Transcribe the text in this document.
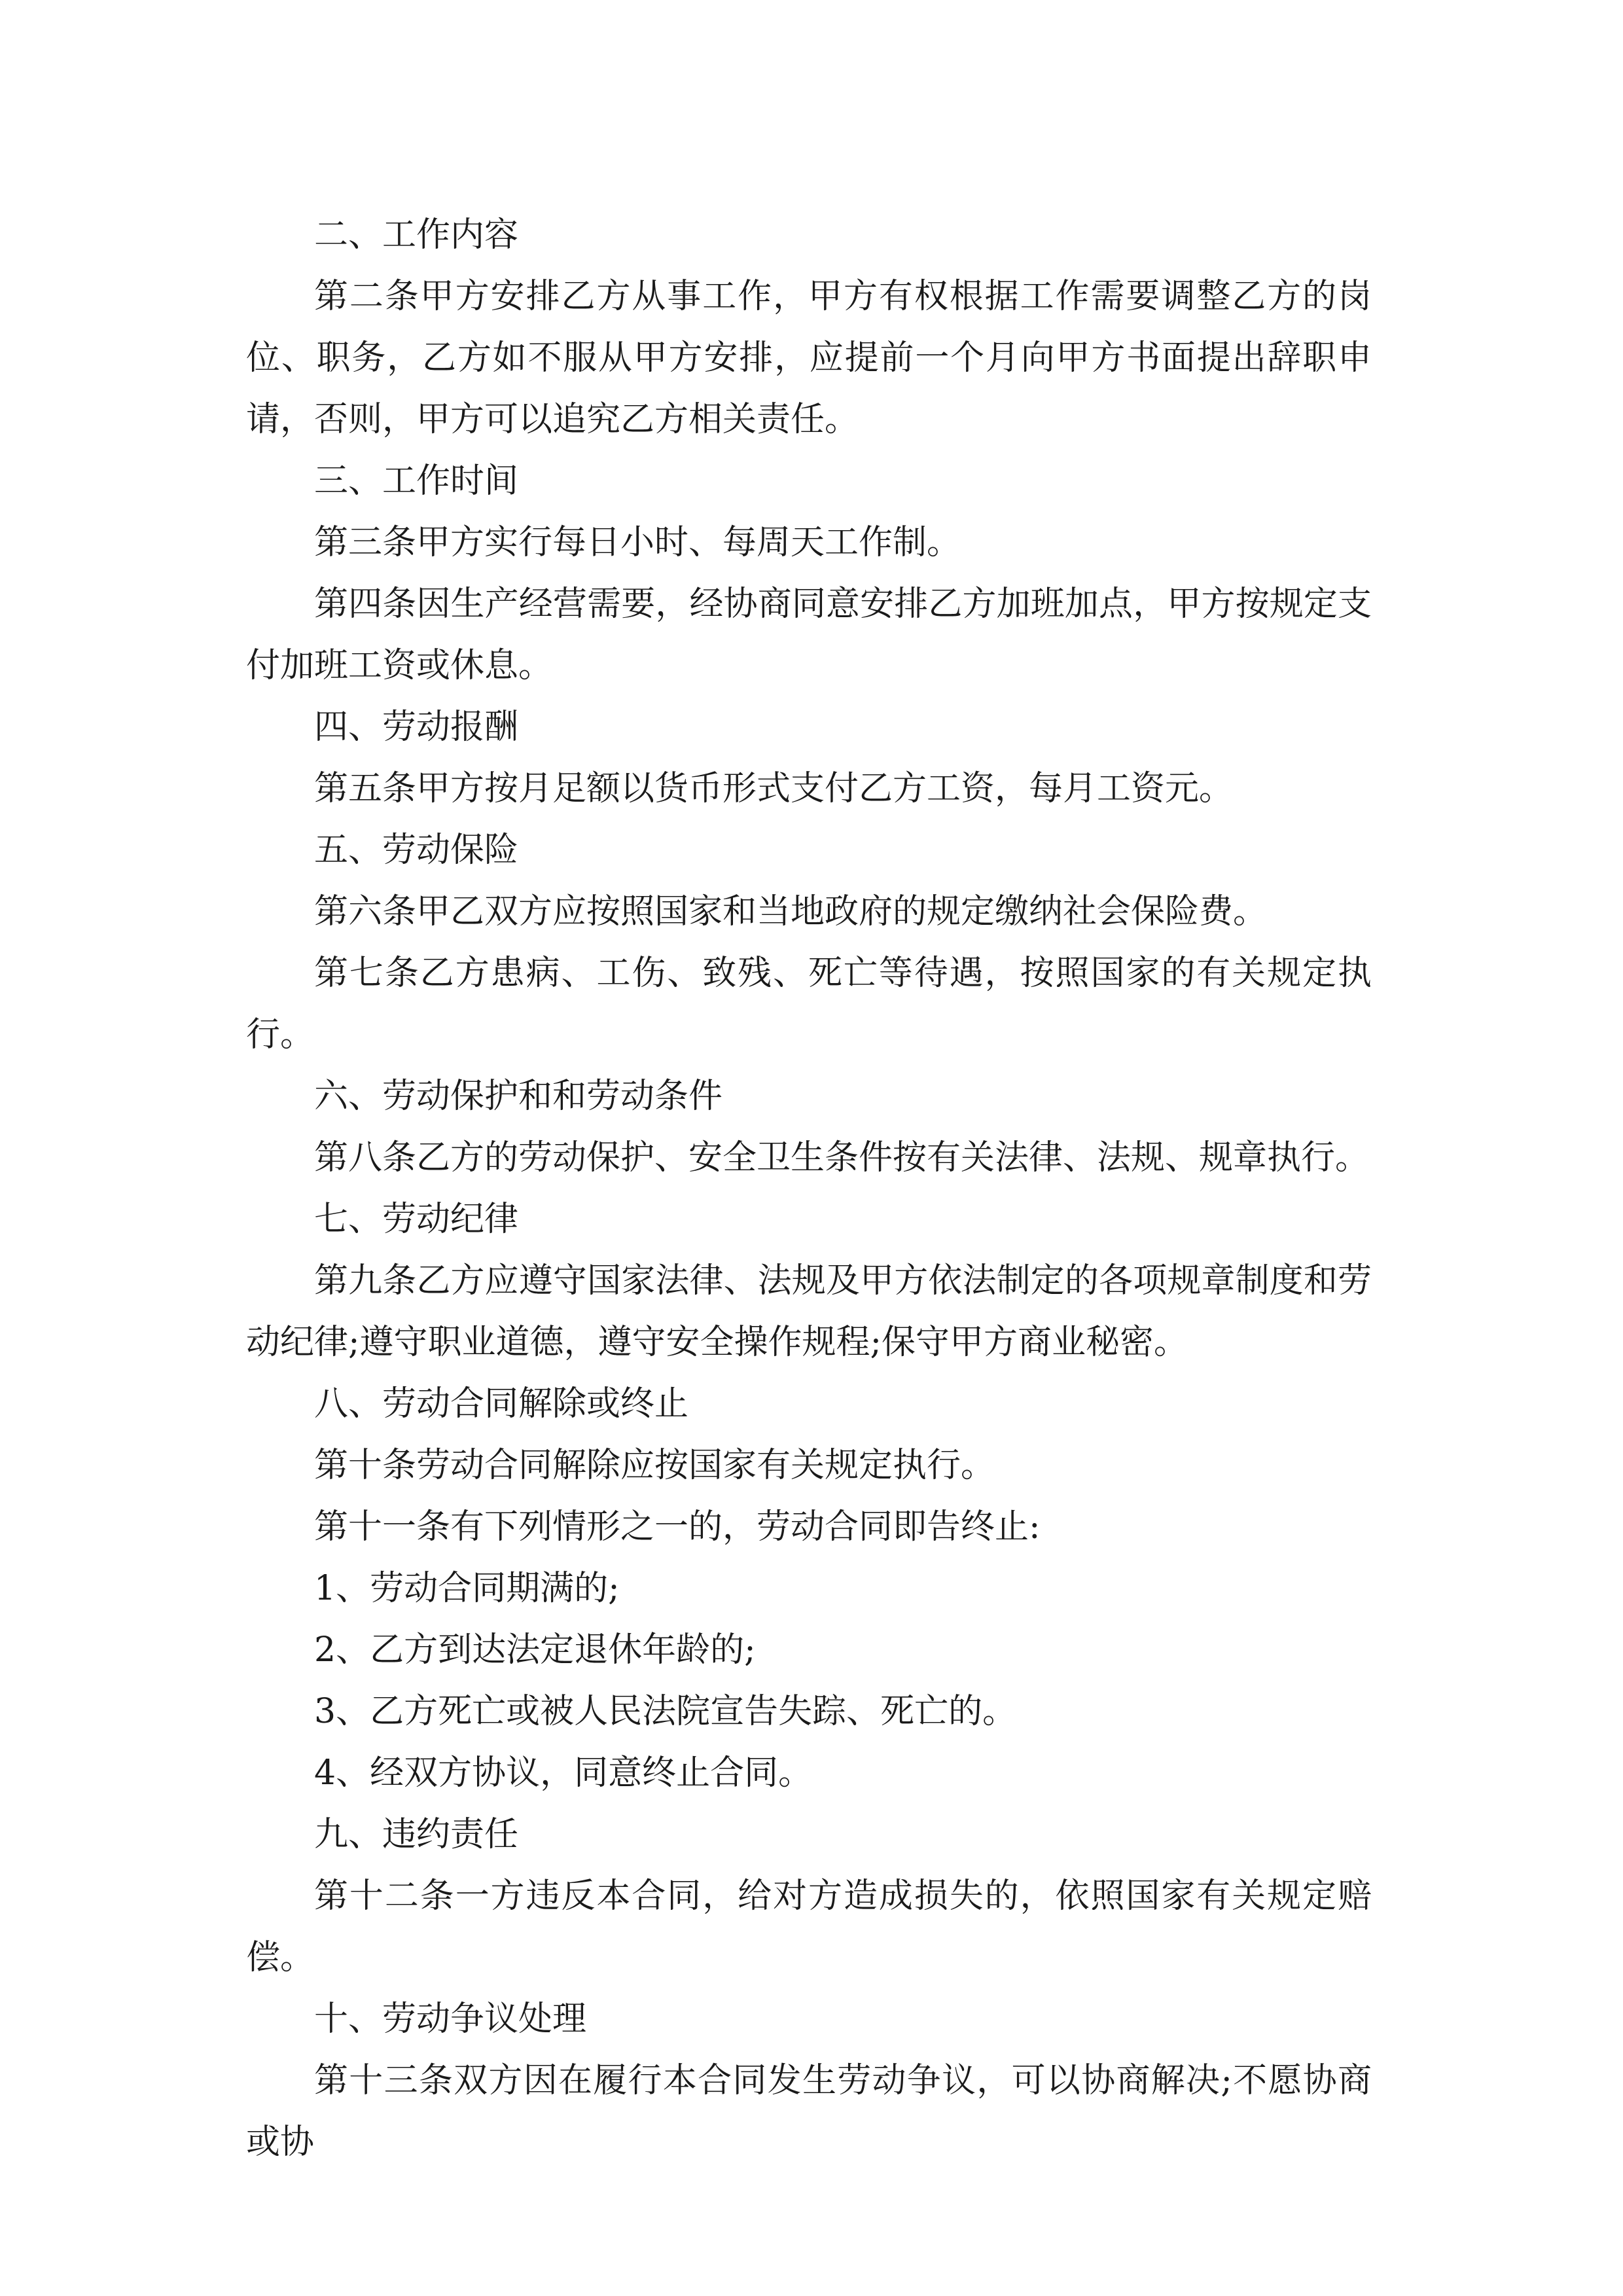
二、工作内容

第二条甲方安排乙方从事工作，甲方有权根据工作需要调整乙方的岗位、职务，乙方如不服从甲方安排，应提前一个月向甲方书面提出辞职申请，否则，甲方可以追究乙方相关责任。

三、工作时间

第三条甲方实行每日小时、每周天工作制。

第四条因生产经营需要，经协商同意安排乙方加班加点，甲方按规定支付加班工资或休息。

四、劳动报酬

第五条甲方按月足额以货币形式支付乙方工资，每月工资元。

五、劳动保险

第六条甲乙双方应按照国家和当地政府的规定缴纳社会保险费。

第七条乙方患病、工伤、致残、死亡等待遇，按照国家的有关规定执行。

六、劳动保护和和劳动条件

第八条乙方的劳动保护、安全卫生条件按有关法律、法规、规章执行。

七、劳动纪律

第九条乙方应遵守国家法律、法规及甲方依法制定的各项规章制度和劳动纪律;遵守职业道德，遵守安全操作规程;保守甲方商业秘密。

八、劳动合同解除或终止

第十条劳动合同解除应按国家有关规定执行。

第十一条有下列情形之一的，劳动合同即告终止:

1、劳动合同期满的;

2、乙方到达法定退休年龄的;

3、乙方死亡或被人民法院宣告失踪、死亡的。

4、经双方协议，同意终止合同。

九、违约责任

第十二条一方违反本合同，给对方造成损失的，依照国家有关规定赔偿。

十、劳动争议处理

第十三条双方因在履行本合同发生劳动争议，可以协商解决;不愿协商或协
